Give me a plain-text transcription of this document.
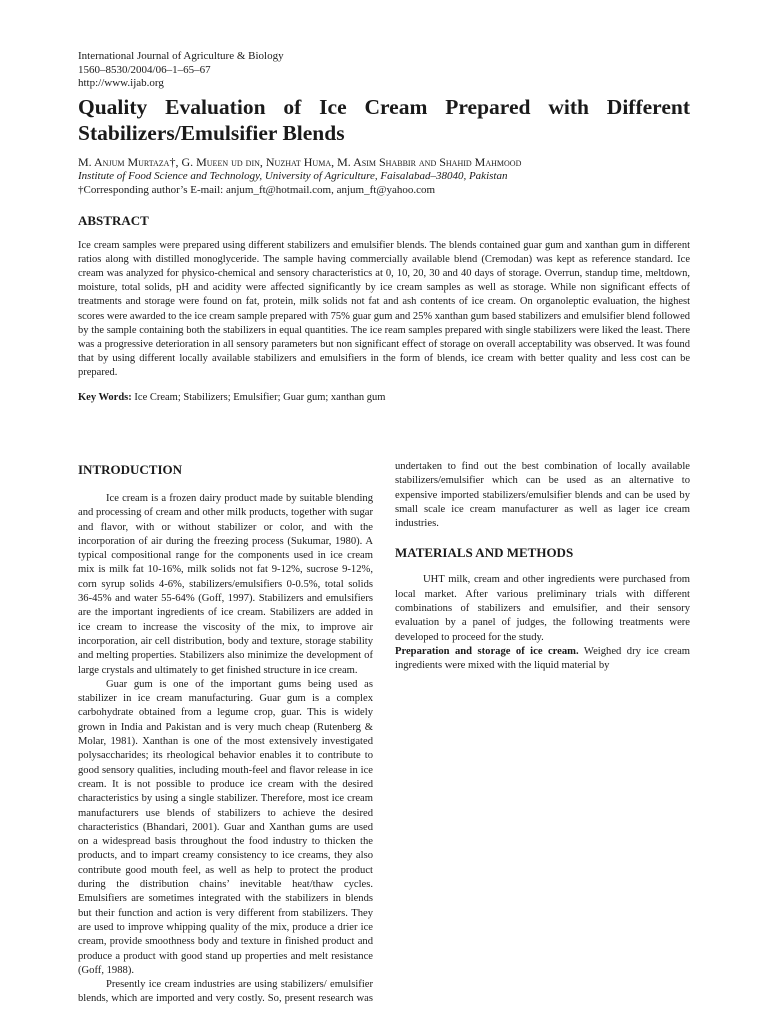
International Journal of Agriculture & Biology
1560–8530/2004/06–1–65–67
http://www.ijab.org
Quality Evaluation of Ice Cream Prepared with Different Stabilizers/Emulsifier Blends
M. Anjum Murtaza†, G. Mueen ud din, Nuzhat Huma, M. Asim Shabbir and Shahid Mahmood
Institute of Food Science and Technology, University of Agriculture, Faisalabad–38040, Pakistan
†Corresponding author’s E-mail: anjum_ft@hotmail.com, anjum_ft@yahoo.com
ABSTRACT

Ice cream samples were prepared using different stabilizers and emulsifier blends. The blends contained guar gum and xanthan gum in different ratios along with distilled monoglyceride. The sample having commercially available blend (Cremodan) was kept as reference standard. Ice cream was analyzed for physico-chemical and sensory characteristics at 0, 10, 20, 30 and 40 days of storage. Overrun, standup time, meltdown, moisture, total solids, pH and acidity were affected significantly by ice cream samples as well as storage. While non significant effects of treatments and storage were found on fat, protein, milk solids not fat and ash contents of ice cream. On organoleptic evaluation, the highest scores were awarded to the ice cream sample prepared with 75% guar gum and 25% xanthan gum based stabilizers and emulsifier blend followed by the sample containing both the stabilizers in equal quantities. The ice ream samples prepared with single stabilizers were liked the least. There was a progressive deterioration in all sensory parameters but non significant effect of storage on overall acceptability was observed. It was found that by using different locally available stabilizers and emulsifiers in the form of blends, ice cream with better quality and less cost can be prepared.

Key Words: Ice Cream; Stabilizers; Emulsifier; Guar gum; xanthan gum
INTRODUCTION

Ice cream is a frozen dairy product made by suitable blending and processing of cream and other milk products, together with sugar and flavor, with or without stabilizer or color, and with the incorporation of air during the freezing process (Sukumar, 1980). A typical compositional range for the components used in ice cream mix is milk fat 10-16%, milk solids not fat 9-12%, sucrose 9-12%, corn syrup solids 4-6%, stabilizers/emulsifiers 0-0.5%, total solids 36-45% and water 55-64% (Goff, 1997). Stabilizers and emulsifiers are the important ingredients of ice cream. Stabilizers are added in ice cream to increase the viscosity of the mix, to improve air incorporation, air cell distribution, body and texture, storage stability and melting properties. Stabilizers also minimize the development of large crystals and ultimately to get finished structure in ice cream.

Guar gum is one of the important gums being used as stabilizer in ice cream manufacturing. Guar gum is a complex carbohydrate obtained from a legume crop, guar. This is widely grown in India and Pakistan and is very much cheap (Rutenberg & Molar, 1981). Xanthan is one of the most extensively investigated polysaccharides; its rheological behavior enables it to contribute to good sensory qualities, including mouth-feel and flavor release in ice cream. It is not possible to produce ice cream with the desired characteristics by using a single stabilizer. Therefore, most ice cream manufacturers use blends of stabilizers to achieve the desired characteristics (Bhandari, 2001). Guar and Xanthan gums are used on a widespread basis throughout the food industry to thicken the products, and to impart creamy consistency to ice creams, they also contribute good mouth feel, as well as help to protect the product during the distribution chains’ inevitable heat/thaw cycles. Emulsifiers are sometimes integrated with the stabilizers in blends but their function and action is very different from stabilizers. They are used to improve whipping quality of the mix, produce a drier ice cream, provide smoothness body and texture in finished product and produce a product with good stand up properties and melt resistance (Goff, 1988).

Presently ice cream industries are using stabilizers/ emulsifier blends, which are imported and very costly. So, present research was undertaken to find out the best combination of locally available stabilizers/emulsifier which can be used as an alternative to expensive imported stabilizers/emulsifier blends and can be used by small scale ice cream manufacturer as well as lager ice cream industries.

MATERIALS AND METHODS

UHT milk, cream and other ingredients were purchased from local market. After various preliminary trials with different combinations of stabilizers and emulsifier, and their sensory evaluation by a panel of judges, the following treatments were developed to proceed for the study.

Preparation and storage of ice cream. Weighed dry ice cream ingredients were mixed with the liquid material by
